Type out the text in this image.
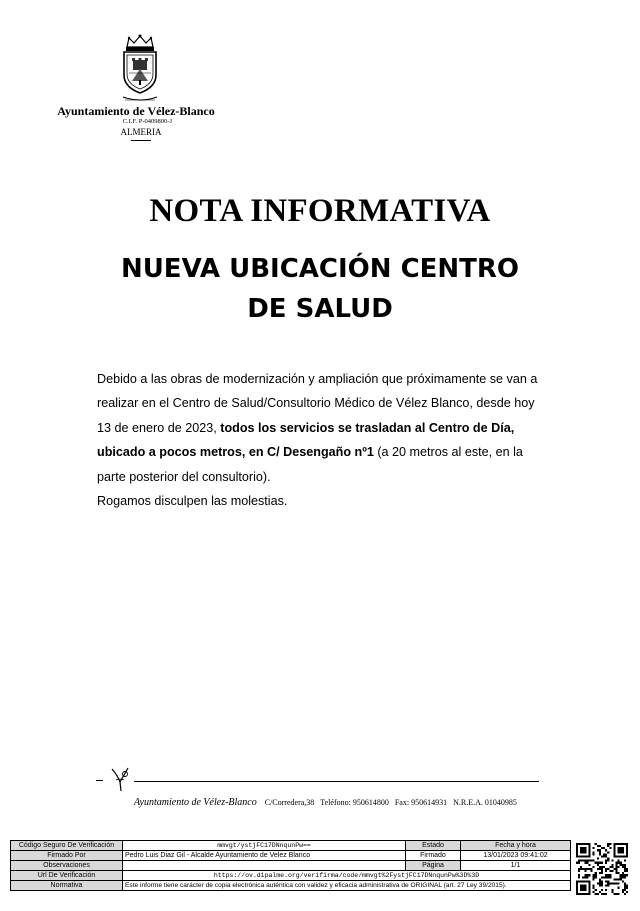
Ayuntamiento de Vélez-Blanco
C.I.F. P-0409800-J
ALMERIA
NOTA INFORMATIVA
NUEVA UBICACIÓN CENTRO
DE SALUD

Debido a las obras de modernización y ampliación que próximamente se van a realizar en el Centro de Salud/Consultorio Médico de Vélez Blanco, desde hoy 13 de enero de 2023, todos los servicios se trasladan al Centro de Día, ubicado a pocos metros, en C/ Desengaño nº1 (a 20 metros al este, en la parte posterior del consultorio).

Rogamos disculpen las molestias.

Ayuntamiento de Vélez-Blanco C/Corredera,38 Teléfono: 950614800 Fax: 950614931 N.R.E.A. 01040985
Código Seguro De Verificación	mmvgt/ystjFC17DNnqunPw==	Estado	Fecha y hora
Firmado Por	Pedro Luis Diaz Gil - Alcalde Ayuntamiento de Velez Blanco	Firmado	13/01/2023 09:41:02
Observaciones		Página	1/1
Url De Verificación	https://ov.dipalme.org/verifirma/code/mmvgt%2FystjFC17DNnqunPw%3D%3D		
Normativa	Este informe tiene carácter de copia electrónica auténtica con validez y eficacia administrativa de ORIGINAL (art. 27 Ley 39/2015).		
